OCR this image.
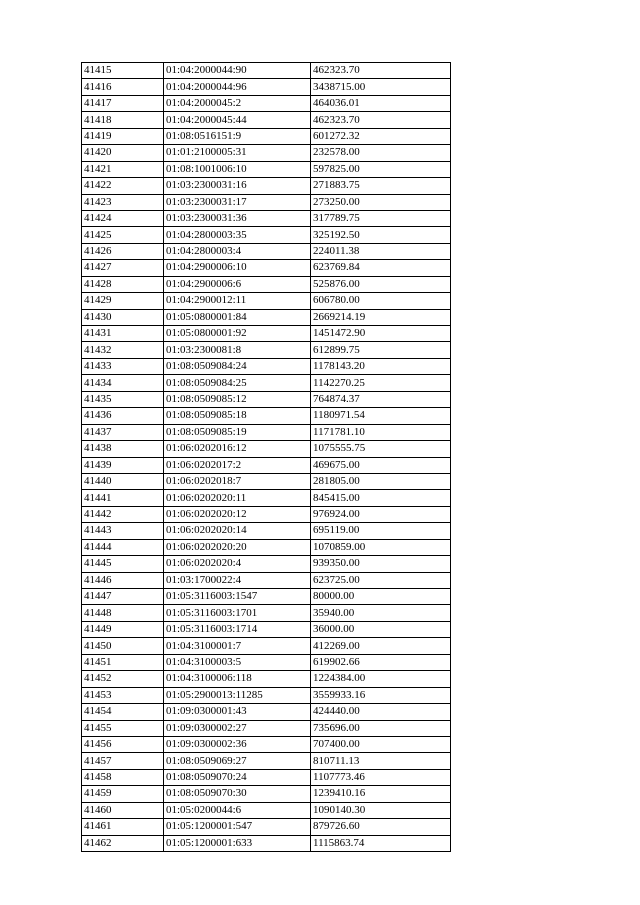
41415	01:04:2000044:90	462323.70
41416	01:04:2000044:96	3438715.00
41417	01:04:2000045:2	464036.01
41418	01:04:2000045:44	462323.70
41419	01:08:0516151:9	601272.32
41420	01:01:2100005:31	232578.00
41421	01:08:1001006:10	597825.00
41422	01:03:2300031:16	271883.75
41423	01:03:2300031:17	273250.00
41424	01:03:2300031:36	317789.75
41425	01:04:2800003:35	325192.50
41426	01:04:2800003:4	224011.38
41427	01:04:2900006:10	623769.84
41428	01:04:2900006:6	525876.00
41429	01:04:2900012:11	606780.00
41430	01:05:0800001:84	2669214.19
41431	01:05:0800001:92	1451472.90
41432	01:03:2300081:8	612899.75
41433	01:08:0509084:24	1178143.20
41434	01:08:0509084:25	1142270.25
41435	01:08:0509085:12	764874.37
41436	01:08:0509085:18	1180971.54
41437	01:08:0509085:19	1171781.10
41438	01:06:0202016:12	1075555.75
41439	01:06:0202017:2	469675.00
41440	01:06:0202018:7	281805.00
41441	01:06:0202020:11	845415.00
41442	01:06:0202020:12	976924.00
41443	01:06:0202020:14	695119.00
41444	01:06:0202020:20	1070859.00
41445	01:06:0202020:4	939350.00
41446	01:03:1700022:4	623725.00
41447	01:05:3116003:1547	80000.00
41448	01:05:3116003:1701	35940.00
41449	01:05:3116003:1714	36000.00
41450	01:04:3100001:7	412269.00
41451	01:04:3100003:5	619902.66
41452	01:04:3100006:118	1224384.00
41453	01:05:2900013:11285	3559933.16
41454	01:09:0300001:43	424440.00
41455	01:09:0300002:27	735696.00
41456	01:09:0300002:36	707400.00
41457	01:08:0509069:27	810711.13
41458	01:08:0509070:24	1107773.46
41459	01:08:0509070:30	1239410.16
41460	01:05:0200044:6	1090140.30
41461	01:05:1200001:547	879726.60
41462	01:05:1200001:633	1115863.74
